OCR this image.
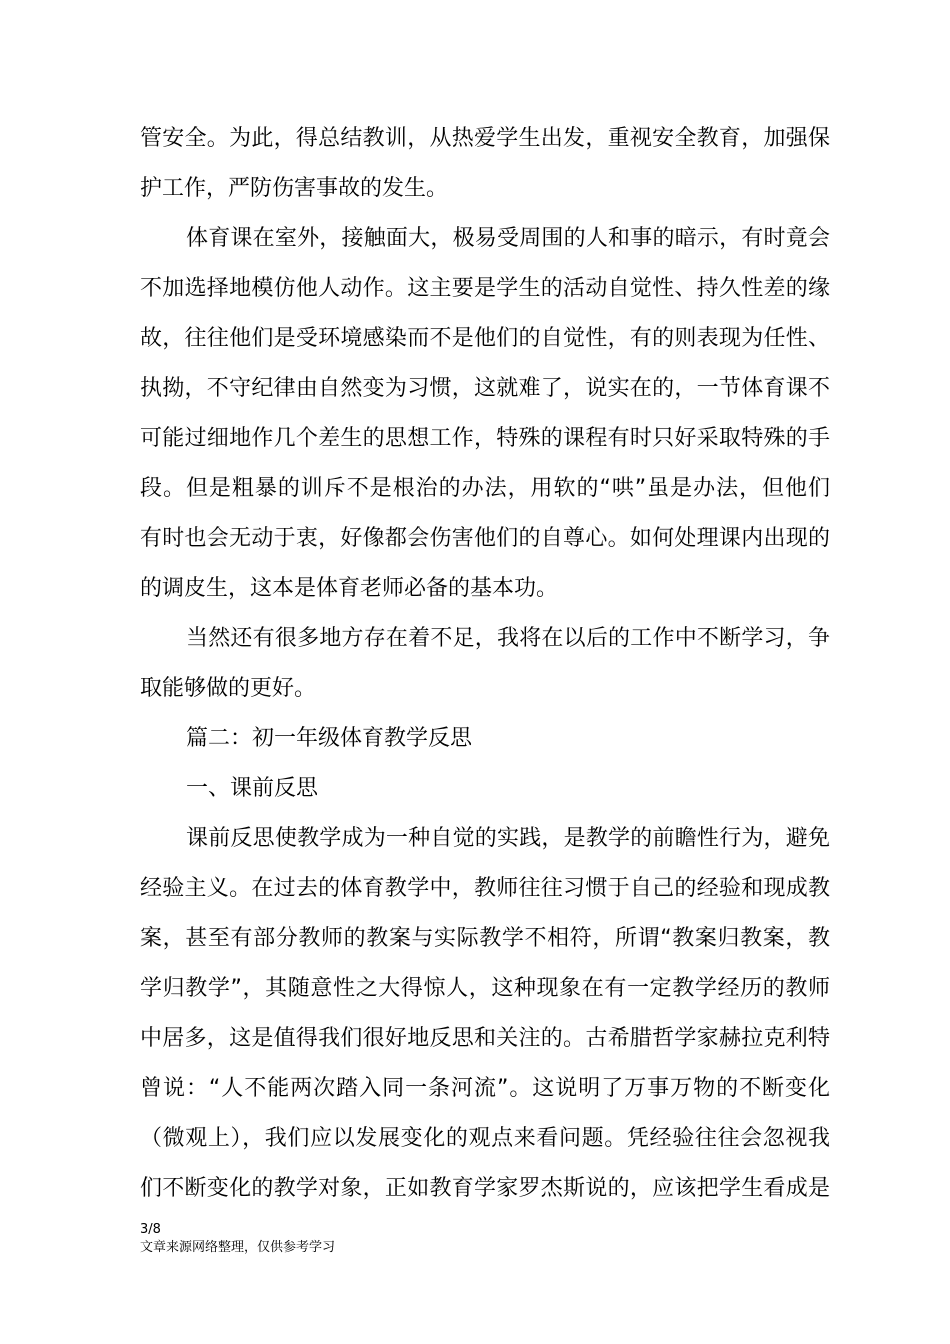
管安全。为此，得总结教训，从热爱学生出发，重视安全教育，加强保
护工作，严防伤害事故的发生。
体育课在室外，接触面大，极易受周围的人和事的暗示，有时竟会
不加选择地模仿他人动作。这主要是学生的活动自觉性、持久性差的缘
故，往往他们是受环境感染而不是他们的自觉性，有的则表现为任性、
执拗，不守纪律由自然变为习惯，这就难了，说实在的，一节体育课不
可能过细地作几个差生的思想工作，特殊的课程有时只好采取特殊的手
段。但是粗暴的训斥不是根治的办法，用软的“哄”虽是办法，但他们
有时也会无动于衷，好像都会伤害他们的自尊心。如何处理课内出现的
的调皮生，这本是体育老师必备的基本功。
当然还有很多地方存在着不足，我将在以后的工作中不断学习，争
取能够做的更好。
篇二：初一年级体育教学反思
一、课前反思
课前反思使教学成为一种自觉的实践，是教学的前瞻性行为，避免
经验主义。在过去的体育教学中，教师往往习惯于自己的经验和现成教
案，甚至有部分教师的教案与实际教学不相符，所谓“教案归教案，教
学归教学”，其随意性之大得惊人，这种现象在有一定教学经历的教师
中居多，这是值得我们很好地反思和关注的。古希腊哲学家赫拉克利特
曾说：“人不能两次踏入同一条河流”。这说明了万事万物的不断变化
（微观上），我们应以发展变化的观点来看问题。凭经验往往会忽视我
们不断变化的教学对象，正如教育学家罗杰斯说的，应该把学生看成是
3/8
文章来源网络整理，仅供参考学习
